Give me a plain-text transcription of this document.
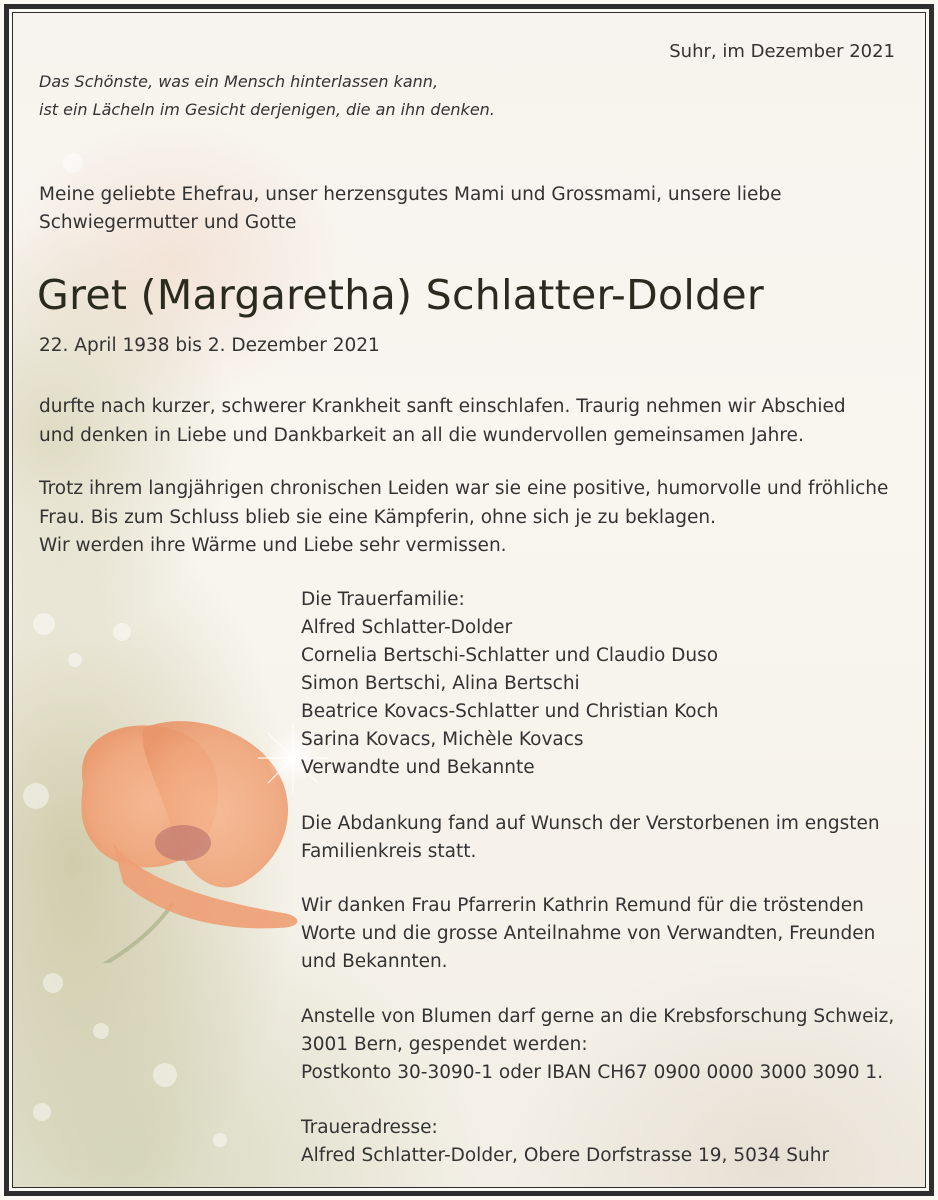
Suhr, im Dezember 2021
Das Schönste, was ein Mensch hinterlassen kann,
ist ein Lächeln im Gesicht derjenigen, die an ihn denken.
Meine geliebte Ehefrau, unser herzensgutes Mami und Grossmami, unsere liebe
Schwiegermutter und Gotte
Gret (Margaretha) Schlatter-Dolder
22. April 1938 bis 2. Dezember 2021
durfte nach kurzer, schwerer Krankheit sanft einschlafen. Traurig nehmen wir Abschied
und denken in Liebe und Dankbarkeit an all die wundervollen gemeinsamen Jahre.
Trotz ihrem langjährigen chronischen Leiden war sie eine positive, humorvolle und fröhliche
Frau. Bis zum Schluss blieb sie eine Kämpferin, ohne sich je zu beklagen.
Wir werden ihre Wärme und Liebe sehr vermissen.
Die Trauerfamilie:
Alfred Schlatter-Dolder
Cornelia Bertschi-Schlatter und Claudio Duso
Simon Bertschi, Alina Bertschi
Beatrice Kovacs-Schlatter und Christian Koch
Sarina Kovacs, Michèle Kovacs
Verwandte und Bekannte
Die Abdankung fand auf Wunsch der Verstorbenen im engsten
Familienkreis statt.
Wir danken Frau Pfarrerin Kathrin Remund für die tröstenden
Worte und die grosse Anteilnahme von Verwandten, Freunden
und Bekannten.
Anstelle von Blumen darf gerne an die Krebsforschung Schweiz,
3001 Bern, gespendet werden:
Postkonto 30-3090-1 oder IBAN CH67 0900 0000 3000 3090 1.
Traueradresse:
Alfred Schlatter-Dolder, Obere Dorfstrasse 19, 5034 Suhr
